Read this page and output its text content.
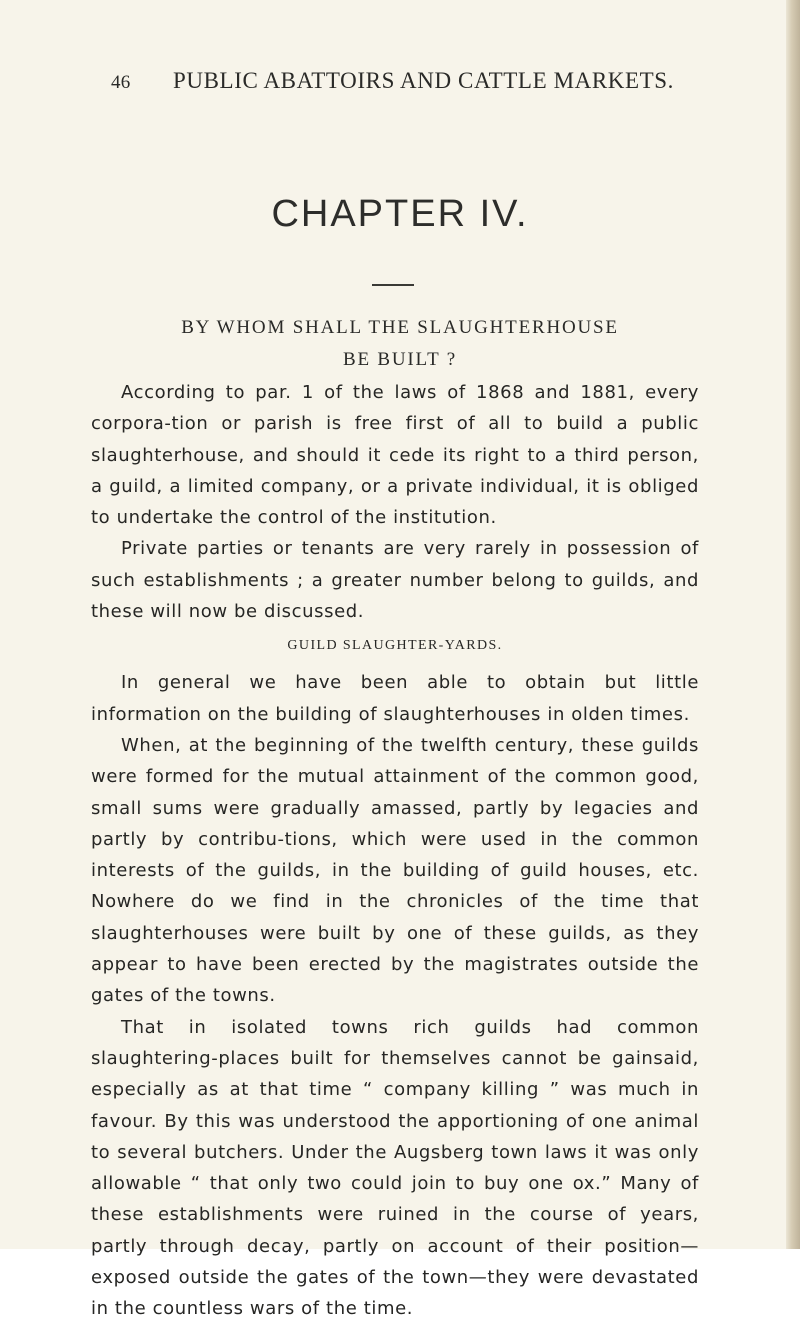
46 PUBLIC ABATTOIRS AND CATTLE MARKETS.
CHAPTER IV.
BY WHOM SHALL THE SLAUGHTERHOUSE
BE BUILT ?

According to par. 1 of the laws of 1868 and 1881, every corpora-tion or parish is free first of all to build a public slaughterhouse, and should it cede its right to a third person, a guild, a limited company, or a private individual, it is obliged to undertake the control of the institution.

Private parties or tenants are very rarely in possession of such establishments ; a greater number belong to guilds, and these will now be discussed.

GUILD SLAUGHTER-YARDS.

In general we have been able to obtain but little information on the building of slaughterhouses in olden times.

When, at the beginning of the twelfth century, these guilds were formed for the mutual attainment of the common good, small sums were gradually amassed, partly by legacies and partly by contribu-tions, which were used in the common interests of the guilds, in the building of guild houses, etc. Nowhere do we find in the chronicles of the time that slaughterhouses were built by one of these guilds, as they appear to have been erected by the magistrates outside the gates of the towns.

That in isolated towns rich guilds had common slaughtering-places built for themselves cannot be gainsaid, especially as at that time “ company killing ” was much in favour. By this was understood the apportioning of one animal to several butchers. Under the Augsberg town laws it was only allowable “ that only two could join to buy one ox.” Many of these establishments were ruined in the course of years, partly through decay, partly on account of their position—exposed outside the gates of the town—they were devastated in the countless wars of the time.
